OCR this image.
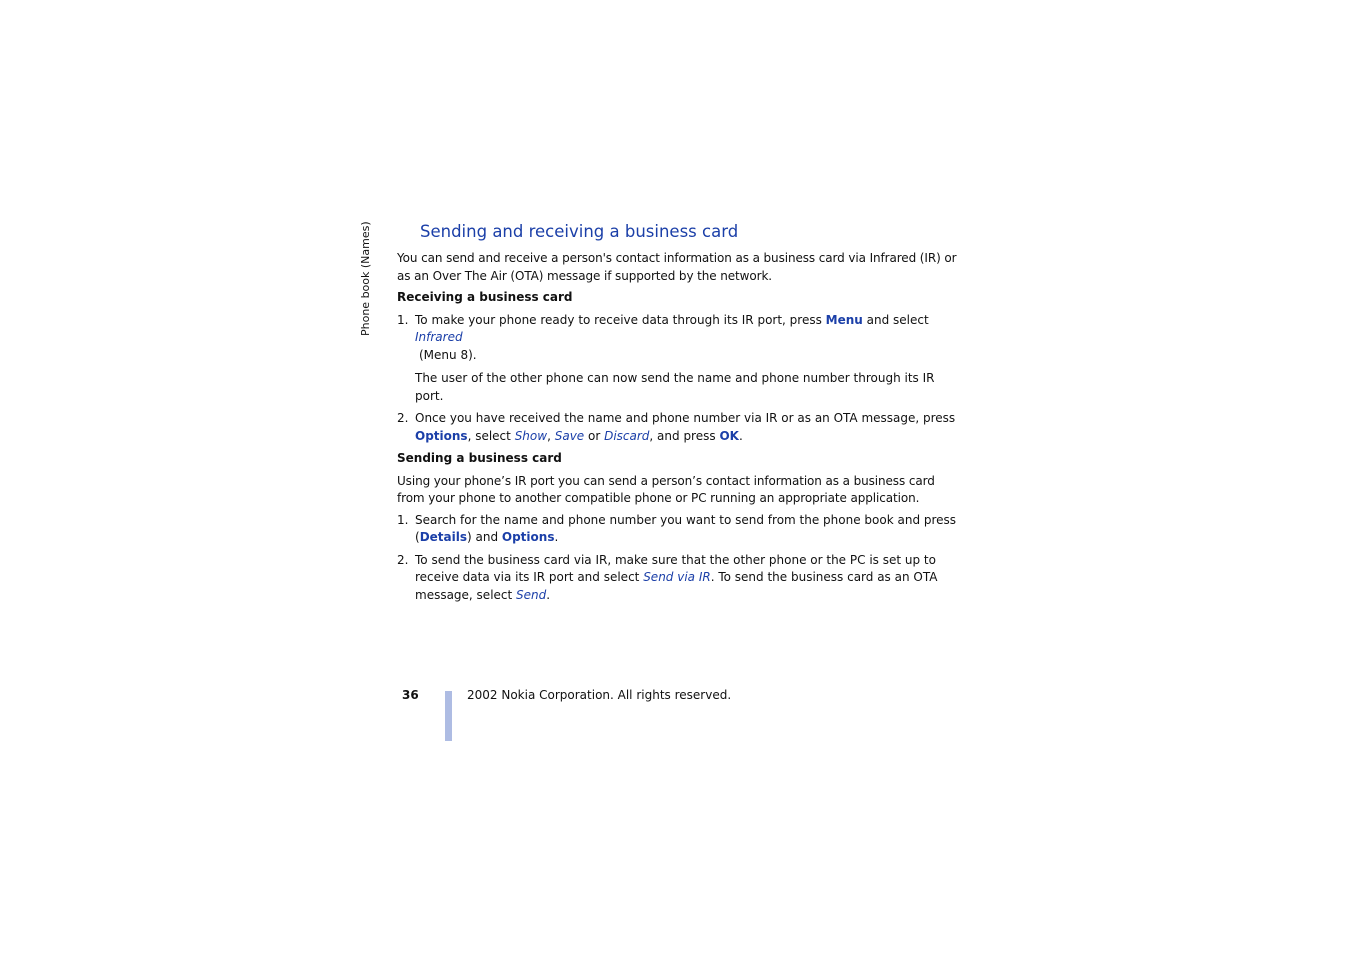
Phone book (Names)	Sending and receiving a business card

You can send and receive a person's contact information as a business card via Infrared (IR) or as an Over The Air (OTA) message if supported by the network.

Receiving a business card
1. To make your phone ready to receive data through its IR port, press Menu and select Infrared
(Menu 8).
The user of the other phone can now send the name and phone number through its IR port.
2. Once you have received the name and phone number via IR or as an OTA message, press Options, select Show, Save or Discard, and press OK.
Sending a business card

Using your phone’s IR port you can send a person’s contact information as a business card from your phone to another compatible phone or PC running an appropriate application.

1. Search for the name and phone number you want to send from the phone book and press (Details) and Options.
2. To send the business card via IR, make sure that the other phone or the PC is set up to receive data via its IR port and select Send via IR. To send the business card as an OTA message, select Send.
36	2002 Nokia Corporation. All rights reserved.
